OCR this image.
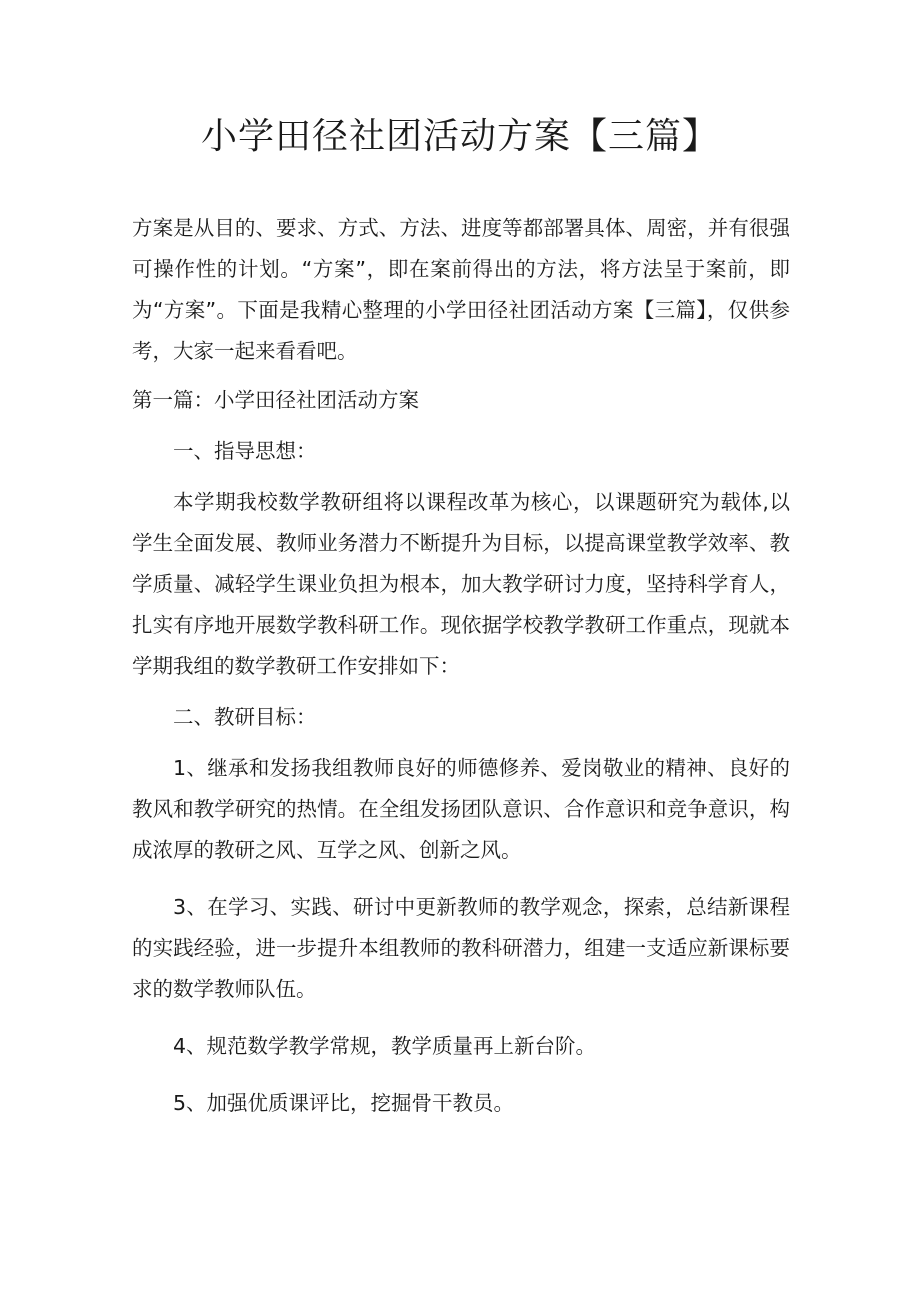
小学田径社团活动方案【三篇】

方案是从目的、要求、方式、方法、进度等都部署具体、周密，并有很强可操作性的计划。“方案”，即在案前得出的方法，将方法呈于案前，即为“方案”。下面是我精心整理的小学田径社团活动方案【三篇】，仅供参考，大家一起来看看吧。

第一篇：小学田径社团活动方案

一、指导思想：

本学期我校数学教研组将以课程改革为核心，以课题研究为载体,以学生全面发展、教师业务潜力不断提升为目标，以提高课堂教学效率、教学质量、减轻学生课业负担为根本，加大教学研讨力度，坚持科学育人，扎实有序地开展数学教科研工作。现依据学校教学教研工作重点，现就本学期我组的数学教研工作安排如下：

二、教研目标：

1、继承和发扬我组教师良好的师德修养、爱岗敬业的精神、良好的教风和教学研究的热情。在全组发扬团队意识、合作意识和竞争意识，构成浓厚的教研之风、互学之风、创新之风。

3、在学习、实践、研讨中更新教师的教学观念，探索，总结新课程的实践经验，进一步提升本组教师的教科研潜力，组建一支适应新课标要求的数学教师队伍。

4、规范数学教学常规，教学质量再上新台阶。

5、加强优质课评比，挖掘骨干教员。
